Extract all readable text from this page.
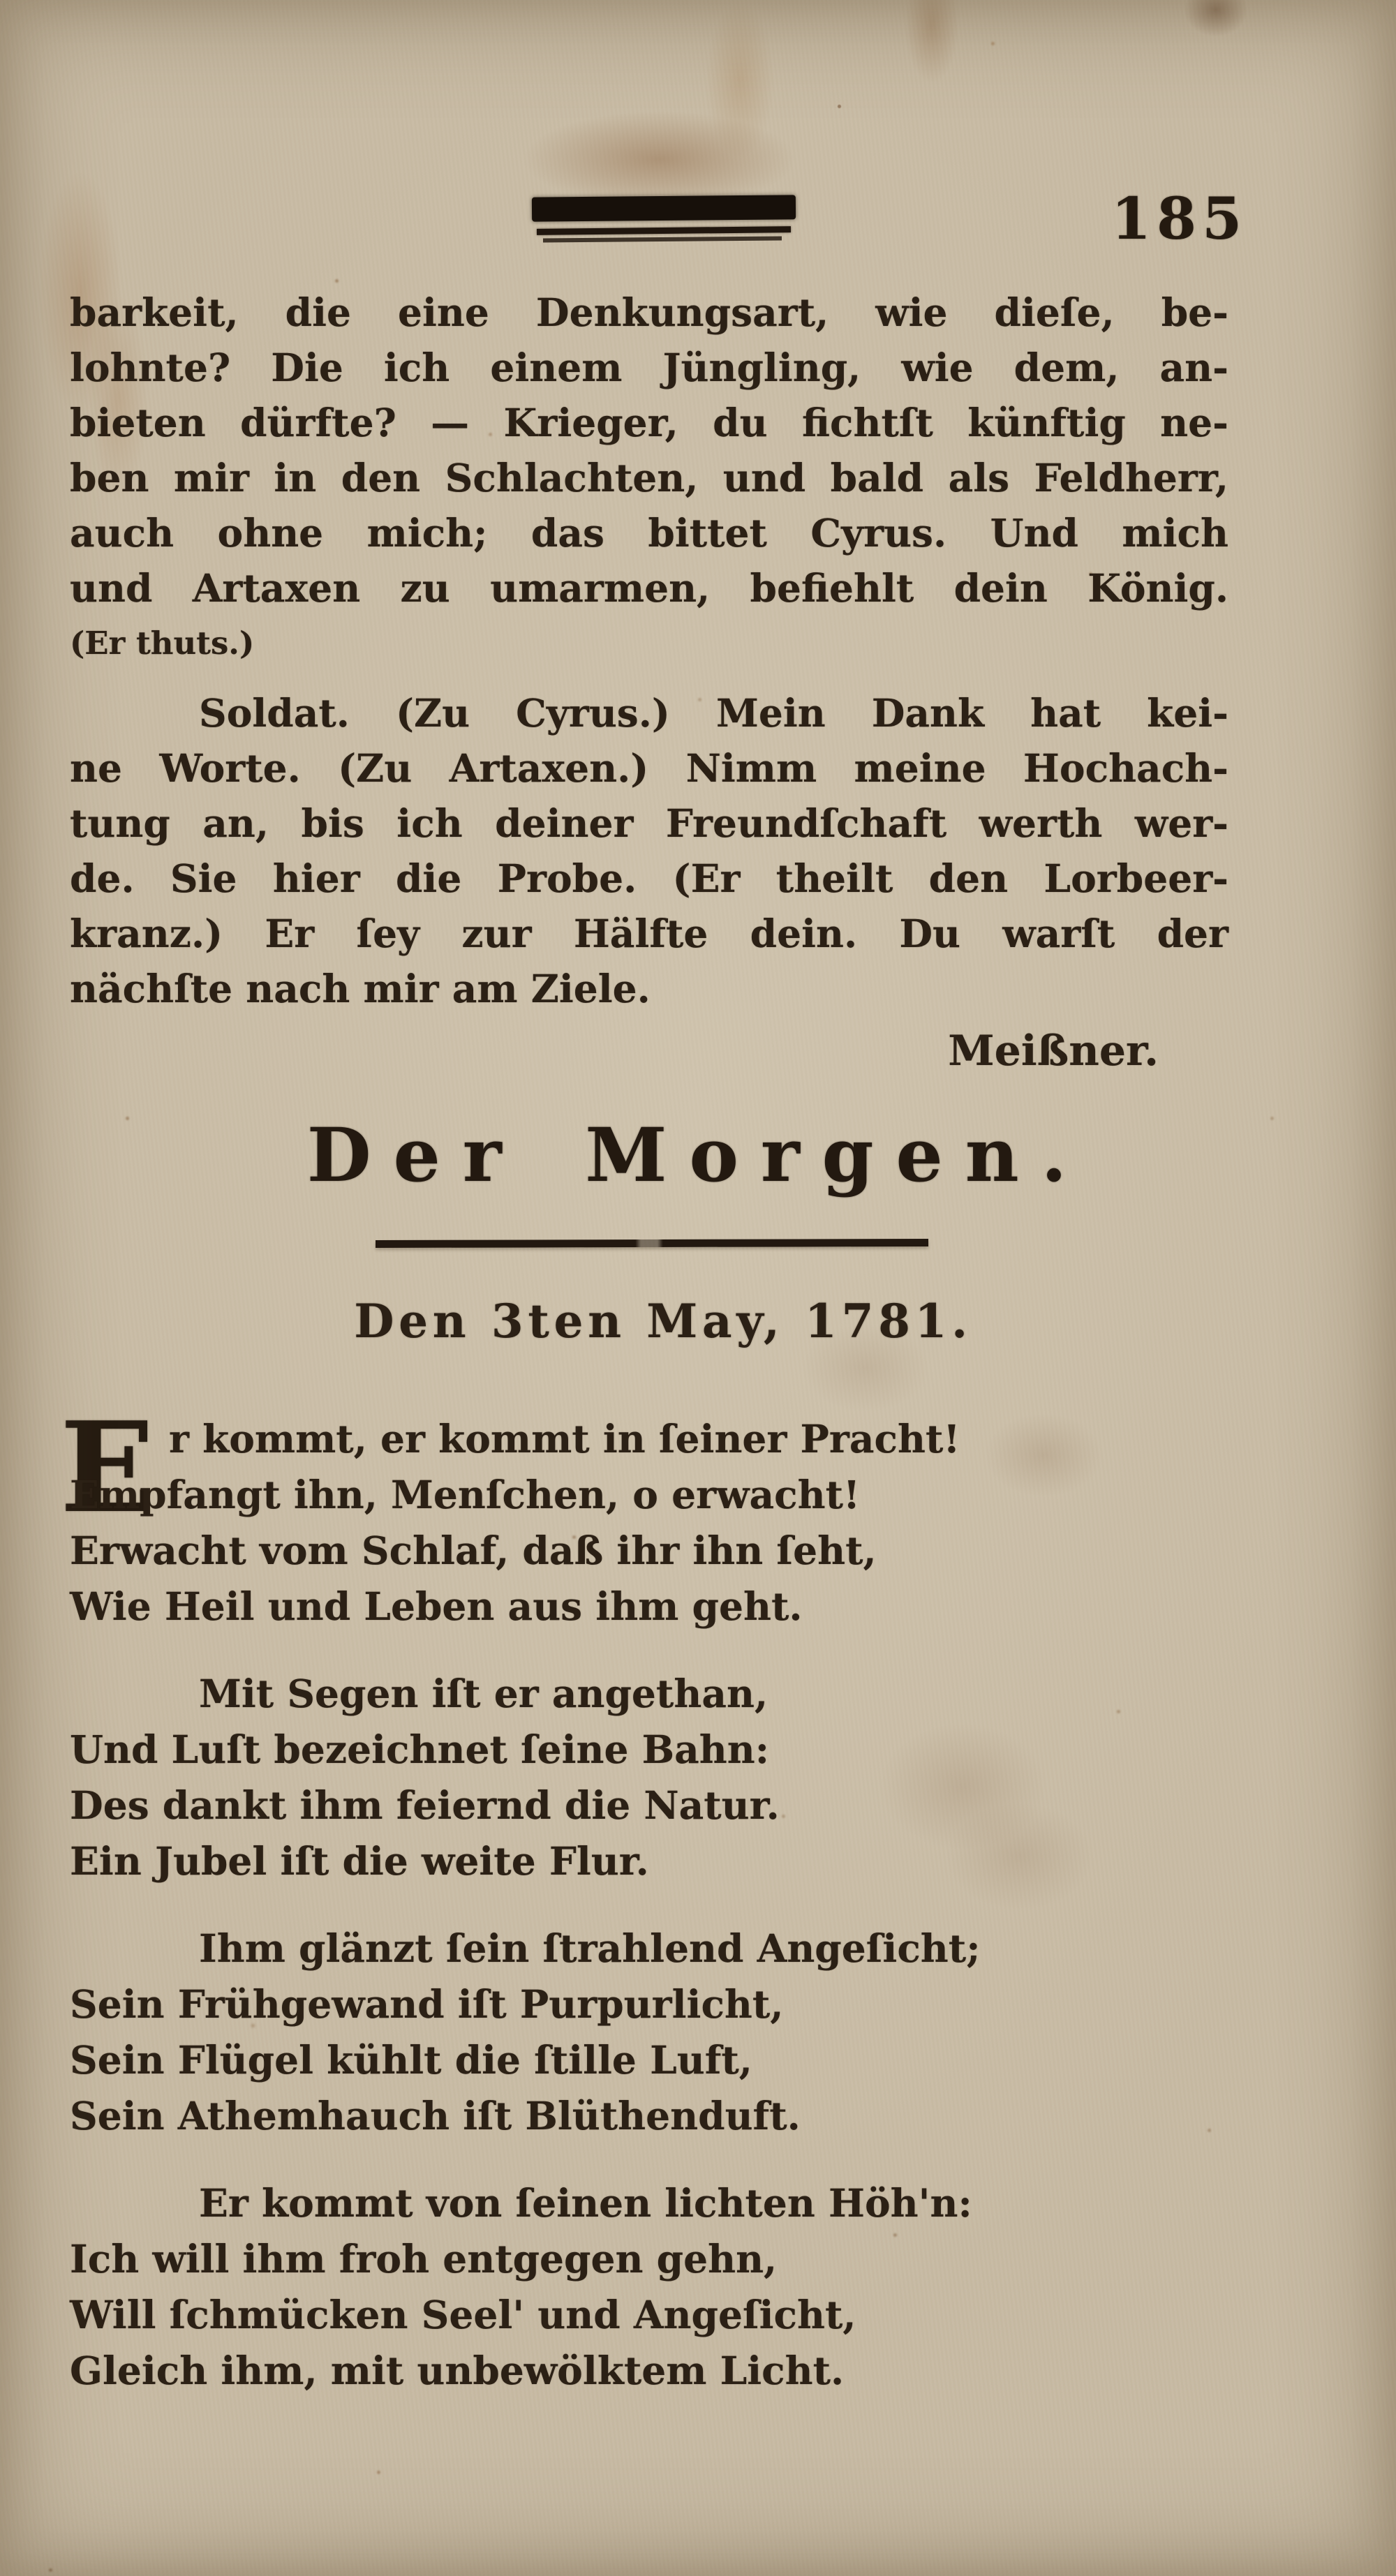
185

barkeit, die eine Denkungsart, wie dieſe, be-

lohnte? Die ich einem Jüngling, wie dem, an-

bieten dürfte? — Krieger, du fichtſt künftig ne-

ben mir in den Schlachten, und bald als Feldherr,

auch ohne mich; das bittet Cyrus. Und mich

und Artaxen zu umarmen, befiehlt dein König.

(Er thuts.)

Soldat. (Zu Cyrus.) Mein Dank hat kei-

ne Worte. (Zu Artaxen.) Nimm meine Hochach-

tung an, bis ich deiner Freundſchaft werth wer-

de. Sie hier die Probe. (Er theilt den Lorbeer-

kranz.) Er ſey zur Hälfte dein. Du warſt der

nächſte nach mir am Ziele.

Meißner.

Der Morgen.
Den 3ten May, 1781.
E r kommt, er kommt in ſeiner Pracht!

Empfangt ihn, Menſchen, o erwacht!

Erwacht vom Schlaf, daß ihr ihn ſeht,

Wie Heil und Leben aus ihm geht.

Mit Segen iſt er angethan,

Und Luſt bezeichnet ſeine Bahn:

Des dankt ihm feiernd die Natur.

Ein Jubel iſt die weite Flur.

Ihm glänzt ſein ſtrahlend Angeſicht;

Sein Frühgewand iſt Purpurlicht,

Sein Flügel kühlt die ſtille Luft,

Sein Athemhauch iſt Blüthenduft.

Er kommt von ſeinen lichten Höh'n:

Ich will ihm froh entgegen gehn,

Will ſchmücken Seel' und Angeſicht,

Gleich ihm, mit unbewölktem Licht.
